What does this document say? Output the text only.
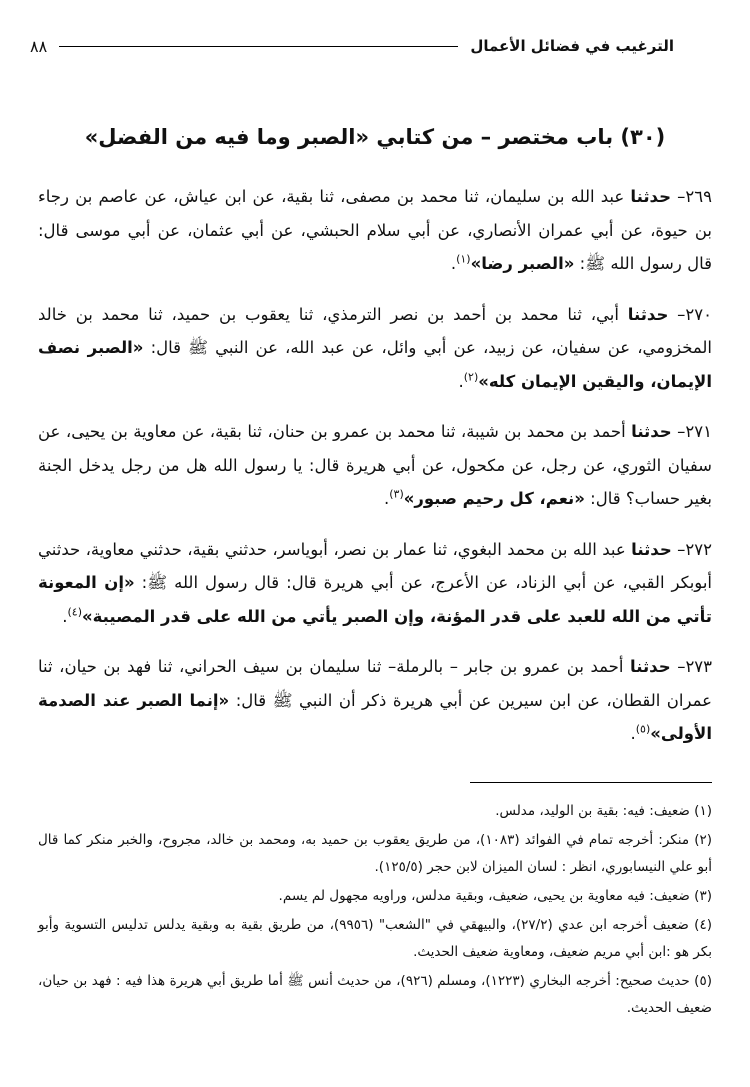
الترغيب في فضائل الأعمال
٨٨
(٣٠) باب مختصر – من كتابي «الصبر وما فيه من الفضل»

٢٦٩– حدثنا عبد الله بن سليمان، ثنا محمد بن مصفى، ثنا بقية، عن ابن عياش، عن عاصم بن رجاء بن حيوة، عن أبي عمران الأنصاري، عن أبي سلام الحبشي، عن أبي عثمان، عن أبي موسى قال: قال رسول الله ﷺ: «الصبر رضا»$^{(١)}$.

٢٧٠– حدثنا أبي، ثنا محمد بن أحمد بن نصر الترمذي، ثنا يعقوب بن حميد، ثنا محمد بن خالد المخزومي، عن سفيان، عن زبيد، عن أبي وائل، عن عبد الله، عن النبي ﷺ قال: «الصبر نصف الإيمان، واليقين الإيمان كله»$^{(٢)}$.

٢٧١– حدثنا أحمد بن محمد بن شيبة، ثنا محمد بن عمرو بن حنان، ثنا بقية، عن معاوية بن يحيى، عن سفيان الثوري، عن رجل، عن مكحول، عن أبي هريرة قال: يا رسول الله هل من رجل يدخل الجنة بغير حساب؟ قال: «نعم، كل رحيم صبور»$^{(٣)}$.

٢٧٢– حدثنا عبد الله بن محمد البغوي، ثنا عمار بن نصر، أبوياسر، حدثني بقية، حدثني معاوية، حدثني أبوبكر القبي، عن أبي الزناد، عن الأعرج، عن أبي هريرة قال: قال رسول الله ﷺ: «إن المعونة تأتي من الله للعبد على قدر المؤنة، وإن الصبر يأتي من الله على قدر المصيبة»$^{(٤)}$.

٢٧٣– حدثنا أحمد بن عمرو بن جابر – بالرملة– ثنا سليمان بن سيف الحراني، ثنا فهد بن حيان، ثنا عمران القطان، عن ابن سيرين عن أبي هريرة ذكر أن النبي ﷺ قال: «إنما الصبر عند الصدمة الأولى»$^{(٥)}$.

(١) ضعيف: فيه: بقية بن الوليد، مدلس.

(٢) منكر: أخرجه تمام في الفوائد (١٠٨٣)، من طريق يعقوب بن حميد به، ومحمد بن خالد، مجروح، والخبر منكر كما قال أبو علي النيسابوري، انظر : لسان الميزان لابن حجر (١٢٥/٥).

(٣) ضعيف: فيه معاوية بن يحيى، ضعيف، وبقية مدلس، وراويه مجهول لم يسم.

(٤) ضعيف أخرجه ابن عدي (٢٧/٢)، والبيهقي في "الشعب" (٩٩٥٦)، من طريق بقية به وبقية يدلس تدليس التسوية وأبو بكر هو :ابن أبي مريم ضعيف، ومعاوية ضعيف الحديث.

(٥) حديث صحيح: أخرجه البخاري (١٢٢٣)، ومسلم (٩٢٦)، من حديث أنس ﷺ أما طريق أبي هريرة هذا فيه : فهد بن حيان، ضعيف الحديث.
